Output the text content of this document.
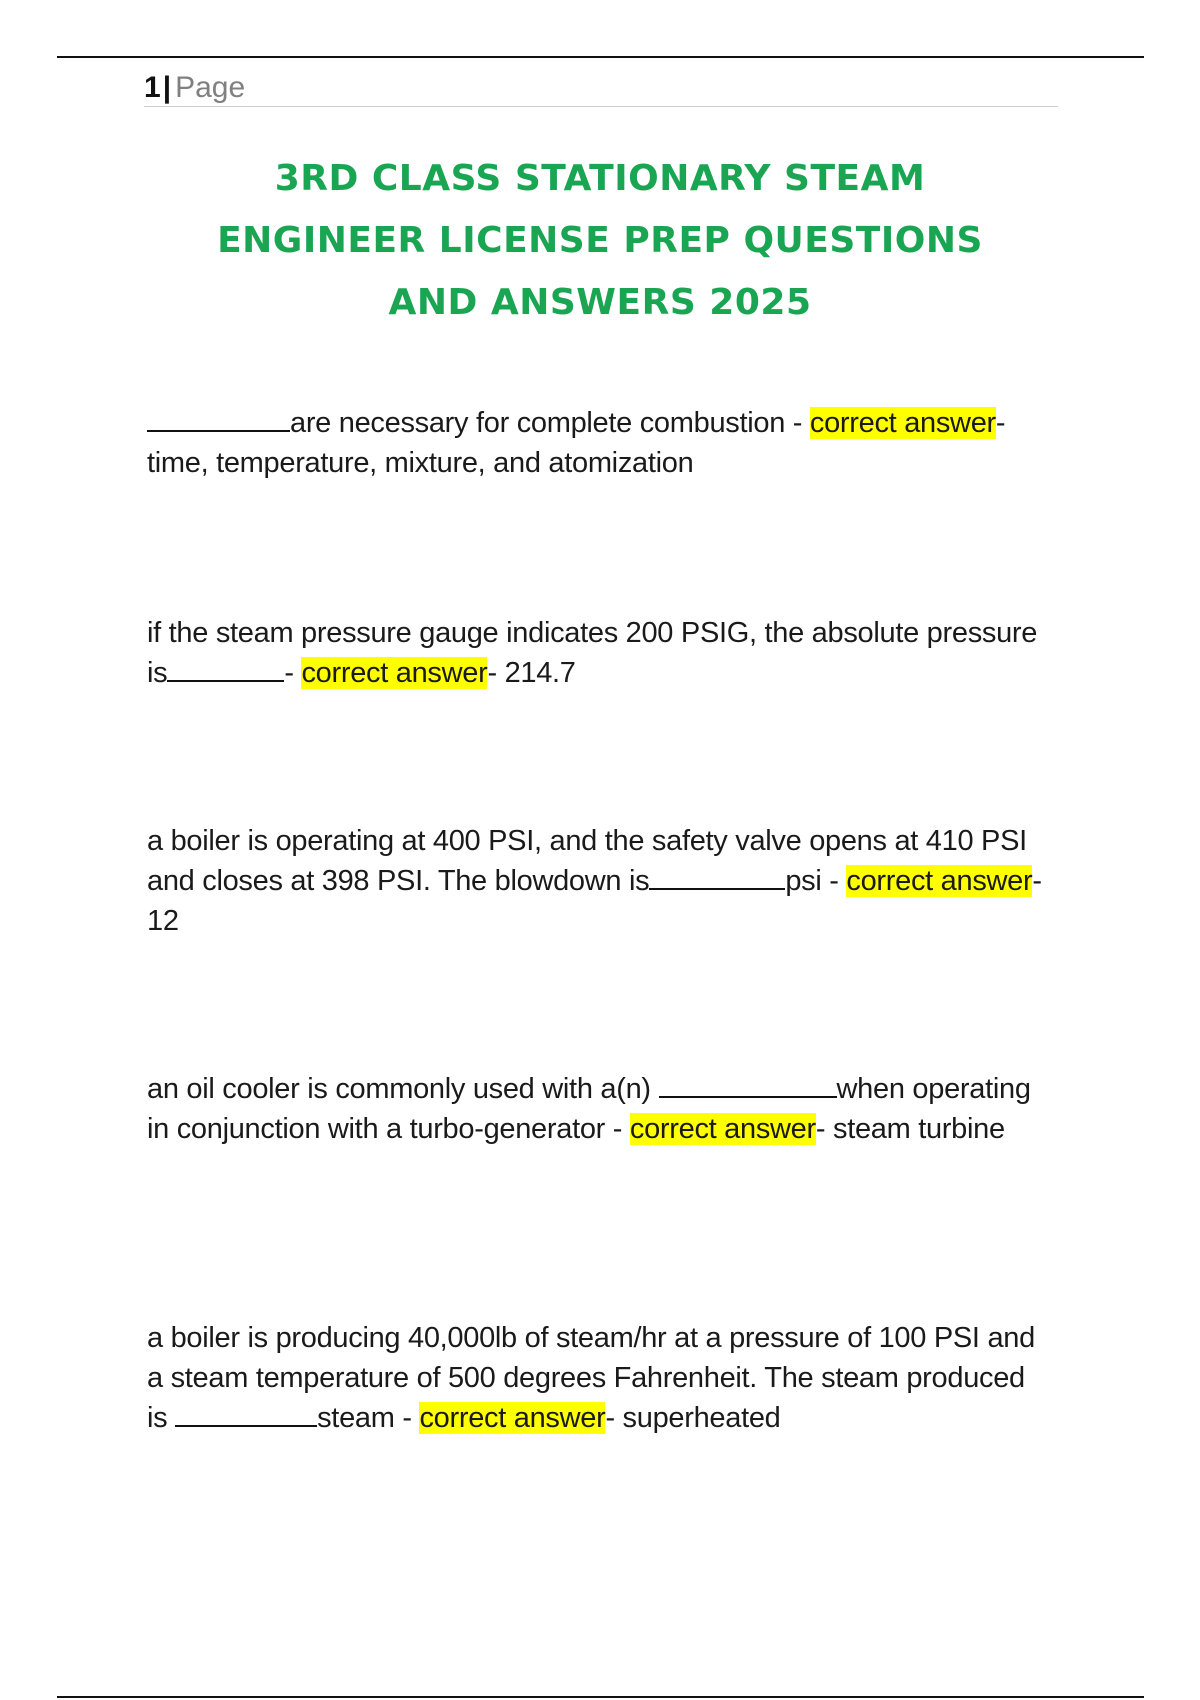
1| Page
3RD CLASS STATIONARY STEAM
ENGINEER LICENSE PREP QUESTIONS
AND ANSWERS 2025

are necessary for complete combustion - correct answer- time, temperature, mixture, and atomization

if the steam pressure gauge indicates 200 PSIG, the absolute pressure is	- correct answer- 214.7

a boiler is operating at 400 PSI, and the safety valve opens at 410 PSI and closes at 398 PSI. The blowdown is	psi - correct answer- 12

an oil cooler is commonly used with a(n)	when operating in conjunction with a turbo-generator - correct answer- steam turbine

a boiler is producing 40,000lb of steam/hr at a pressure of 100 PSI and a steam temperature of 500 degrees Fahrenheit. The steam produced is	steam - correct answer- superheated
